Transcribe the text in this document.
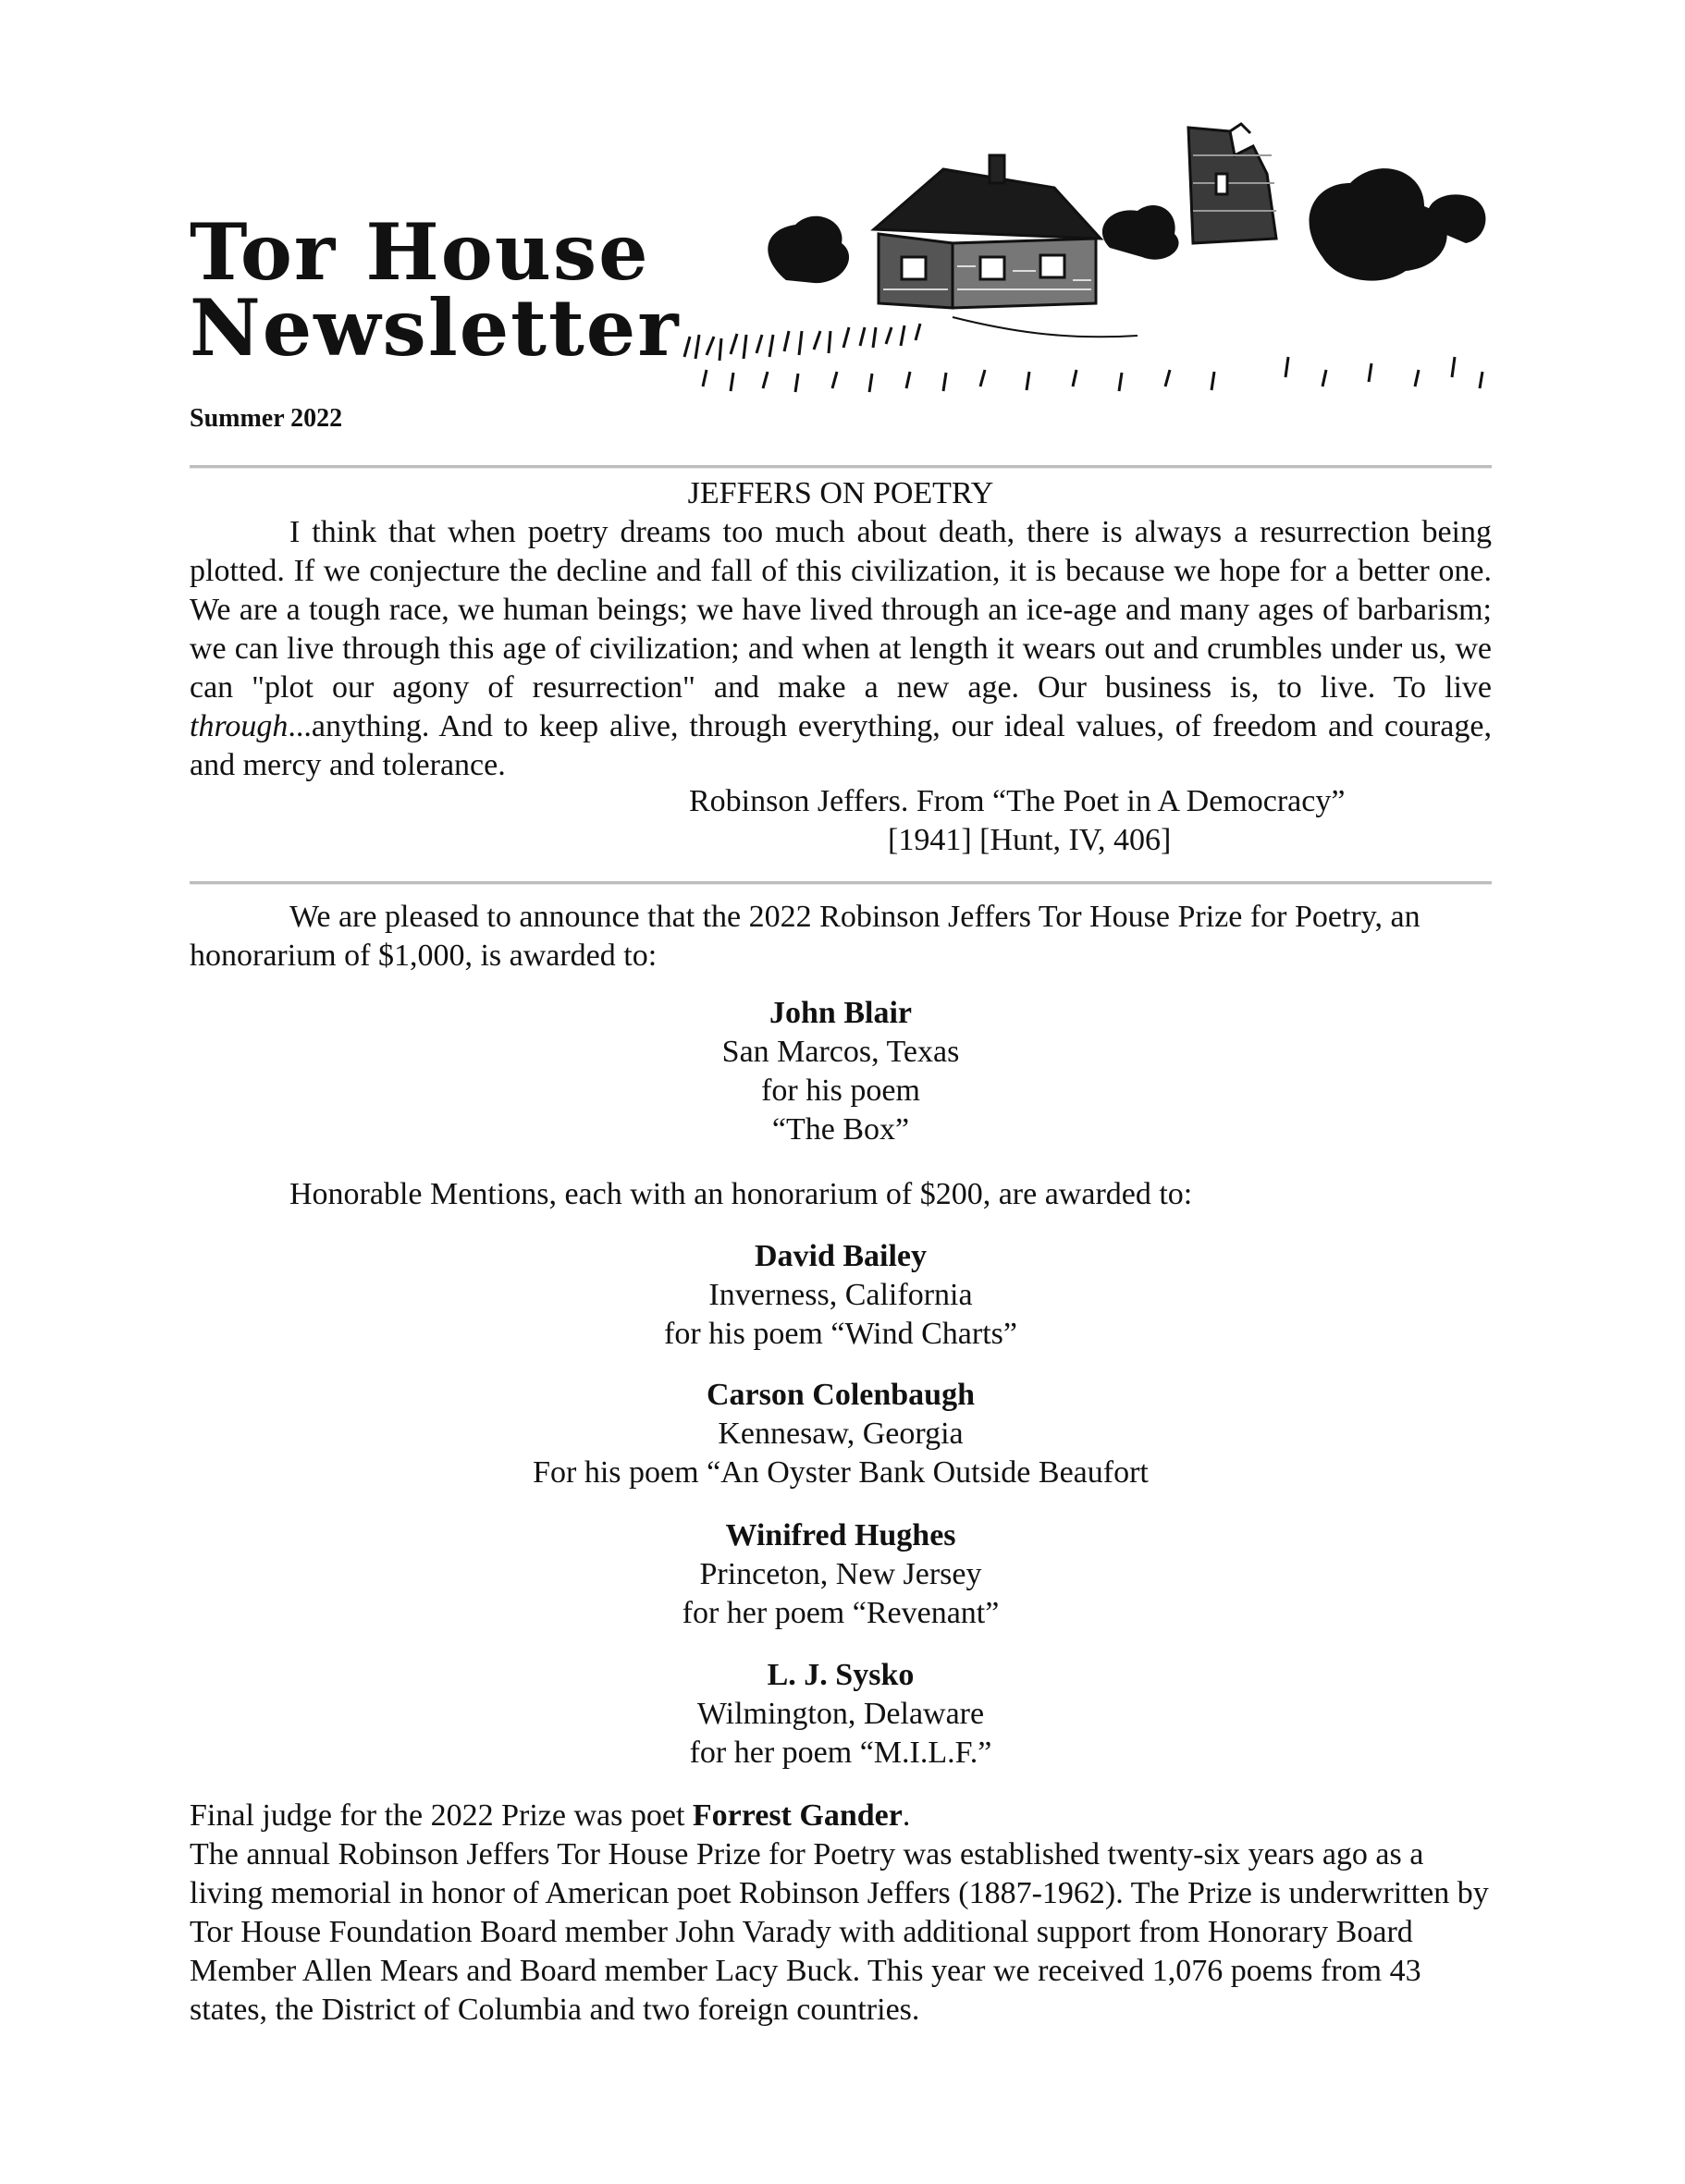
Tor House
Newsletter
Summer 2022
JEFFERS ON POETRY

I think that when poetry dreams too much about death, there is always a resurrection being plotted. If we conjecture the decline and fall of this civilization, it is because we hope for a better one. We are a tough race, we human beings; we have lived through an ice-age and many ages of barbarism; we can live through this age of civilization; and when at length it wears out and crumbles under us, we can "plot our agony of resurrection" and make a new age. Our business is, to live. To live through...anything. And to keep alive, through everything, our ideal values, of freedom and courage, and mercy and tolerance.

Robinson Jeffers. From “The Poet in A Democracy”
[1941] [Hunt, IV, 406]

We are pleased to announce that the 2022 Robinson Jeffers Tor House Prize for Poetry, an honorarium of $1,000, is awarded to:

John Blair
San Marcos, Texas
for his poem
“The Box”
Honorable Mentions, each with an honorarium of $200, are awarded to:
David Bailey
Inverness, California
for his poem “Wind Charts”
Carson Colenbaugh
Kennesaw, Georgia
For his poem “An Oyster Bank Outside Beaufort
Winifred Hughes
Princeton, New Jersey
for her poem “Revenant”
L. J. Sysko
Wilmington, Delaware
for her poem “M.I.L.F.”
Final judge for the 2022 Prize was poet Forrest Gander.

The annual Robinson Jeffers Tor House Prize for Poetry was established twenty-six years ago as a living memorial in honor of American poet Robinson Jeffers (1887-1962). The Prize is underwritten by Tor House Foundation Board member John Varady with additional support from Honorary Board Member Allen Mears and Board member Lacy Buck. This year we received 1,076 poems from 43 states, the District of Columbia and two foreign countries.
